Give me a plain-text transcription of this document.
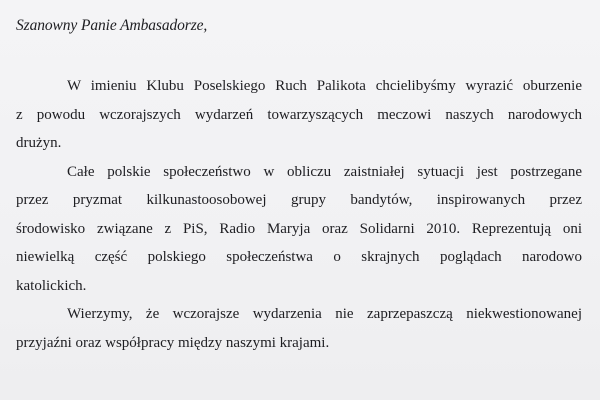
Szanowny Panie Ambasadorze,
W imieniu Klubu Poselskiego Ruch Palikota chcielibyśmy wyrazić oburzenie
z powodu wczorajszych wydarzeń towarzyszących meczowi naszych narodowych
drużyn.
Całe polskie społeczeństwo w obliczu zaistniałej sytuacji jest postrzegane
przez pryzmat kilkunastoosobowej grupy bandytów, inspirowanych przez
środowisko związane z PiS, Radio Maryja oraz Solidarni 2010. Reprezentują oni
niewielką część polskiego społeczeństwa o skrajnych poglądach narodowo
katolickich.
Wierzymy, że wczorajsze wydarzenia nie zaprzepaszczą niekwestionowanej
przyjaźni oraz współpracy między naszymi krajami.
